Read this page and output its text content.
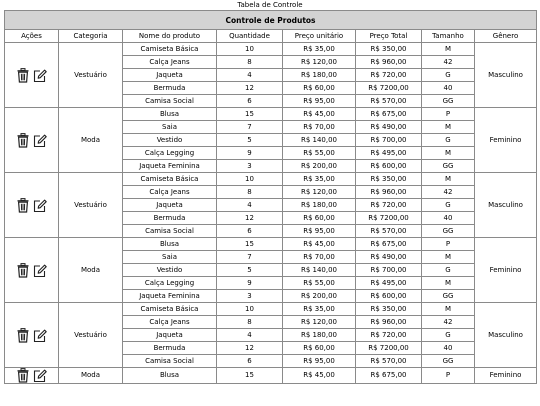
Tabela de Controle
Controle de Produtos							
Ações	Categoria	Nome do produto	Quantidade	Preço unitário	Preço Total	Tamanho	Gênero

	Vestuário	Camiseta Básica	10	R$ 35,00	R$ 350,00	M	Masculino
		Calça Jeans	8	R$ 120,00	R$ 960,00	42	
		Jaqueta	4	R$ 180,00	R$ 720,00	G	
		Bermuda	12	R$ 60,00	R$ 7200,00	40	
		Camisa Social	6	R$ 95,00	R$ 570,00	GG	

	Moda	Blusa	15	R$ 45,00	R$ 675,00	P	Feminino
		Saia	7	R$ 70,00	R$ 490,00	M	
		Vestido	5	R$ 140,00	R$ 700,00	G	
		Calça Legging	9	R$ 55,00	R$ 495,00	M	
		Jaqueta Feminina	3	R$ 200,00	R$ 600,00	GG	

	Vestuário	Camiseta Básica	10	R$ 35,00	R$ 350,00	M	Masculino
		Calça Jeans	8	R$ 120,00	R$ 960,00	42	
		Jaqueta	4	R$ 180,00	R$ 720,00	G	
		Bermuda	12	R$ 60,00	R$ 7200,00	40	
		Camisa Social	6	R$ 95,00	R$ 570,00	GG	

	Moda	Blusa	15	R$ 45,00	R$ 675,00	P	Feminino
		Saia	7	R$ 70,00	R$ 490,00	M	
		Vestido	5	R$ 140,00	R$ 700,00	G	
		Calça Legging	9	R$ 55,00	R$ 495,00	M	
		Jaqueta Feminina	3	R$ 200,00	R$ 600,00	GG	

	Vestuário	Camiseta Básica	10	R$ 35,00	R$ 350,00	M	Masculino
		Calça Jeans	8	R$ 120,00	R$ 960,00	42	
		Jaqueta	4	R$ 180,00	R$ 720,00	G	
		Bermuda	12	R$ 60,00	R$ 7200,00	40	
		Camisa Social	6	R$ 95,00	R$ 570,00	GG	

	Moda	Blusa	15	R$ 45,00	R$ 675,00	P	Feminino
